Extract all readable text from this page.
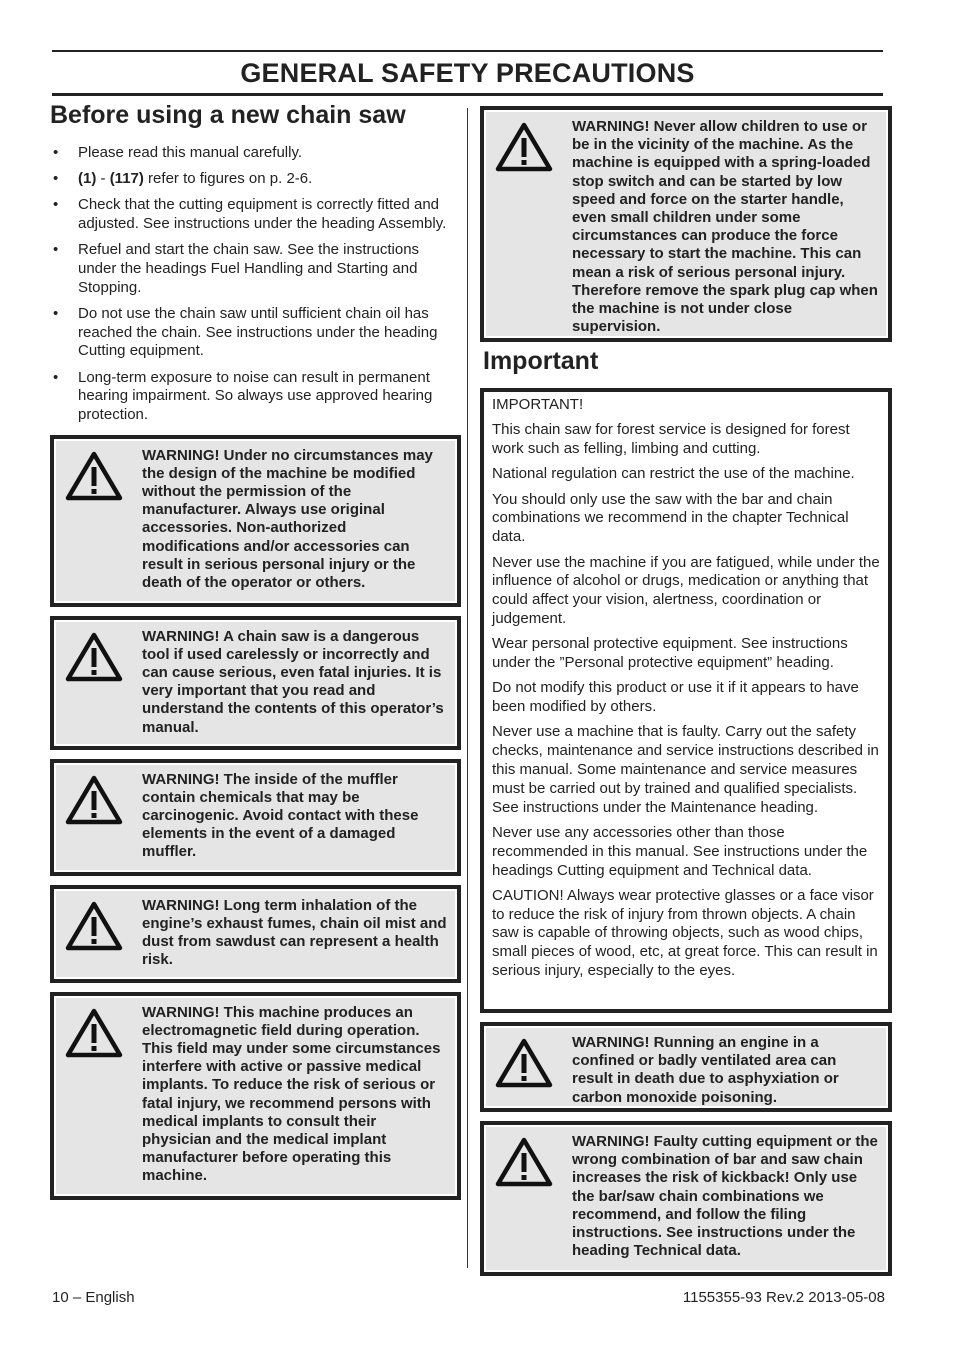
GENERAL SAFETY PRECAUTIONS
Before using a new chain saw
• Please read this manual carefully.
• (1) - (117) refer to figures on p. 2-6.
• Check that the cutting equipment is correctly fitted and adjusted. See instructions under the heading Assembly.
• Refuel and start the chain saw. See the instructions under the headings Fuel Handling and Starting and Stopping.
• Do not use the chain saw until sufficient chain oil has reached the chain. See instructions under the heading Cutting equipment.
• Long-term exposure to noise can result in permanent hearing impairment. So always use approved hearing protection.
WARNING! Under no circumstances may the design of the machine be modified without the permission of the manufacturer. Always use original accessories. Non-authorized modifications and/or accessories can result in serious personal injury or the death of the operator or others.
WARNING! A chain saw is a dangerous tool if used carelessly or incorrectly and can cause serious, even fatal injuries. It is very important that you read and understand the contents of this operator’s manual.
WARNING! The inside of the muffler contain chemicals that may be carcinogenic. Avoid contact with these elements in the event of a damaged muffler.
WARNING! Long term inhalation of the engine’s exhaust fumes, chain oil mist and dust from sawdust can represent a health risk.
WARNING! This machine produces an electromagnetic field during operation. This field may under some circumstances interfere with active or passive medical implants. To reduce the risk of serious or fatal injury, we recommend persons with medical implants to consult their physician and the medical implant manufacturer before operating this machine.
WARNING! Never allow children to use or be in the vicinity of the machine. As the machine is equipped with a spring-loaded stop switch and can be started by low speed and force on the starter handle, even small children under some circumstances can produce the force necessary to start the machine. This can mean a risk of serious personal injury. Therefore remove the spark plug cap when the machine is not under close supervision.
Important

IMPORTANT!

This chain saw for forest service is designed for forest work such as felling, limbing and cutting.

National regulation can restrict the use of the machine.

You should only use the saw with the bar and chain combinations we recommend in the chapter Technical data.

Never use the machine if you are fatigued, while under the influence of alcohol or drugs, medication or anything that could affect your vision, alertness, coordination or judgement.

Wear personal protective equipment. See instructions under the ”Personal protective equipment” heading.

Do not modify this product or use it if it appears to have been modified by others.

Never use a machine that is faulty. Carry out the safety checks, maintenance and service instructions described in this manual. Some maintenance and service measures must be carried out by trained and qualified specialists. See instructions under the Maintenance heading.

Never use any accessories other than those recommended in this manual. See instructions under the headings Cutting equipment and Technical data.

CAUTION! Always wear protective glasses or a face visor to reduce the risk of injury from thrown objects. A chain saw is capable of throwing objects, such as wood chips, small pieces of wood, etc, at great force. This can result in serious injury, especially to the eyes.

WARNING! Running an engine in a confined or badly ventilated area can result in death due to asphyxiation or carbon monoxide poisoning.
WARNING! Faulty cutting equipment or the wrong combination of bar and saw chain increases the risk of kickback! Only use the bar/saw chain combinations we recommend, and follow the filing instructions. See instructions under the heading Technical data.
10 – English	1155355-93 Rev.2 2013-05-08
